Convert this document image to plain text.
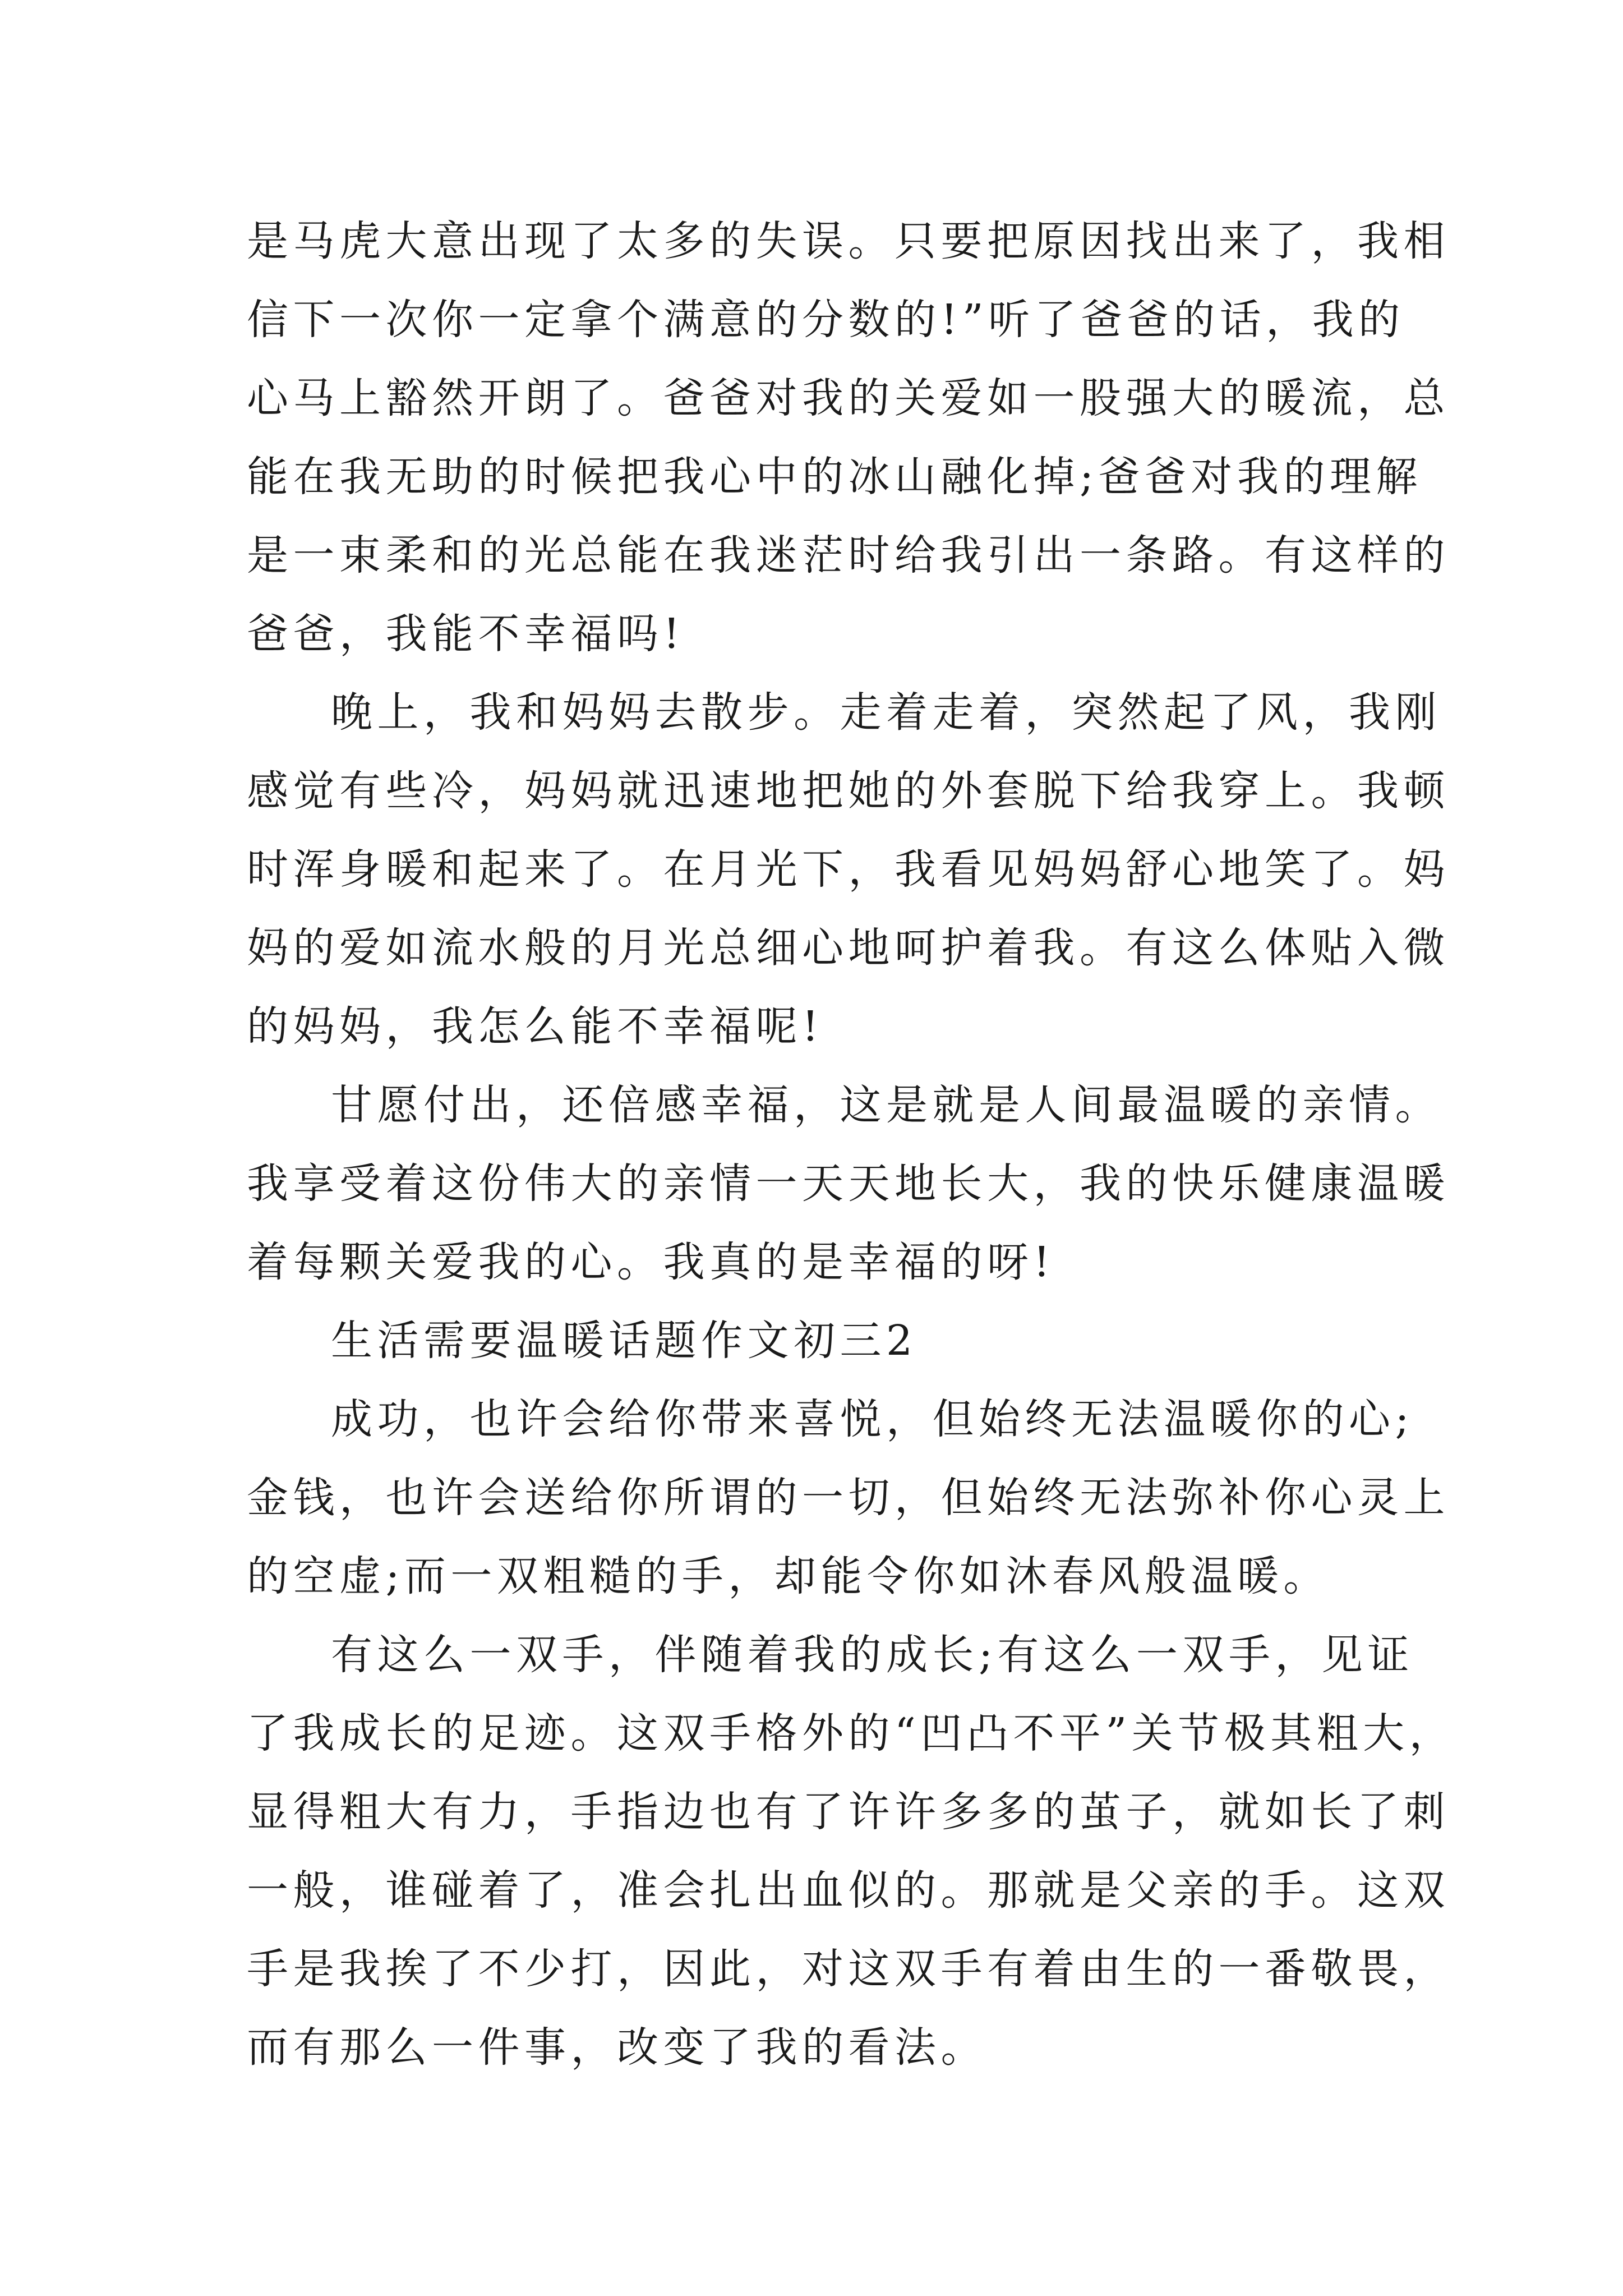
是马虎大意出现了太多的失误。只要把原因找出来了，我相
信下一次你一定拿个满意的分数的!”听了爸爸的话，我的
心马上豁然开朗了。爸爸对我的关爱如一股强大的暖流，总
能在我无助的时候把我心中的冰山融化掉;爸爸对我的理解
是一束柔和的光总能在我迷茫时给我引出一条路。有这样的
爸爸，我能不幸福吗!
晚上，我和妈妈去散步。走着走着，突然起了风，我刚
感觉有些冷，妈妈就迅速地把她的外套脱下给我穿上。我顿
时浑身暖和起来了。在月光下，我看见妈妈舒心地笑了。妈
妈的爱如流水般的月光总细心地呵护着我。有这么体贴入微
的妈妈，我怎么能不幸福呢!
甘愿付出，还倍感幸福，这是就是人间最温暖的亲情。
我享受着这份伟大的亲情一天天地长大，我的快乐健康温暖
着每颗关爱我的心。我真的是幸福的呀!
生活需要温暖话题作文初三2
成功，也许会给你带来喜悦，但始终无法温暖你的心;
金钱，也许会送给你所谓的一切，但始终无法弥补你心灵上
的空虚;而一双粗糙的手，却能令你如沐春风般温暖。
有这么一双手，伴随着我的成长;有这么一双手，见证
了我成长的足迹。这双手格外的“凹凸不平”关节极其粗大，
显得粗大有力，手指边也有了许许多多的茧子，就如长了刺
一般，谁碰着了，准会扎出血似的。那就是父亲的手。这双
手是我挨了不少打，因此，对这双手有着由生的一番敬畏，
而有那么一件事，改变了我的看法。
